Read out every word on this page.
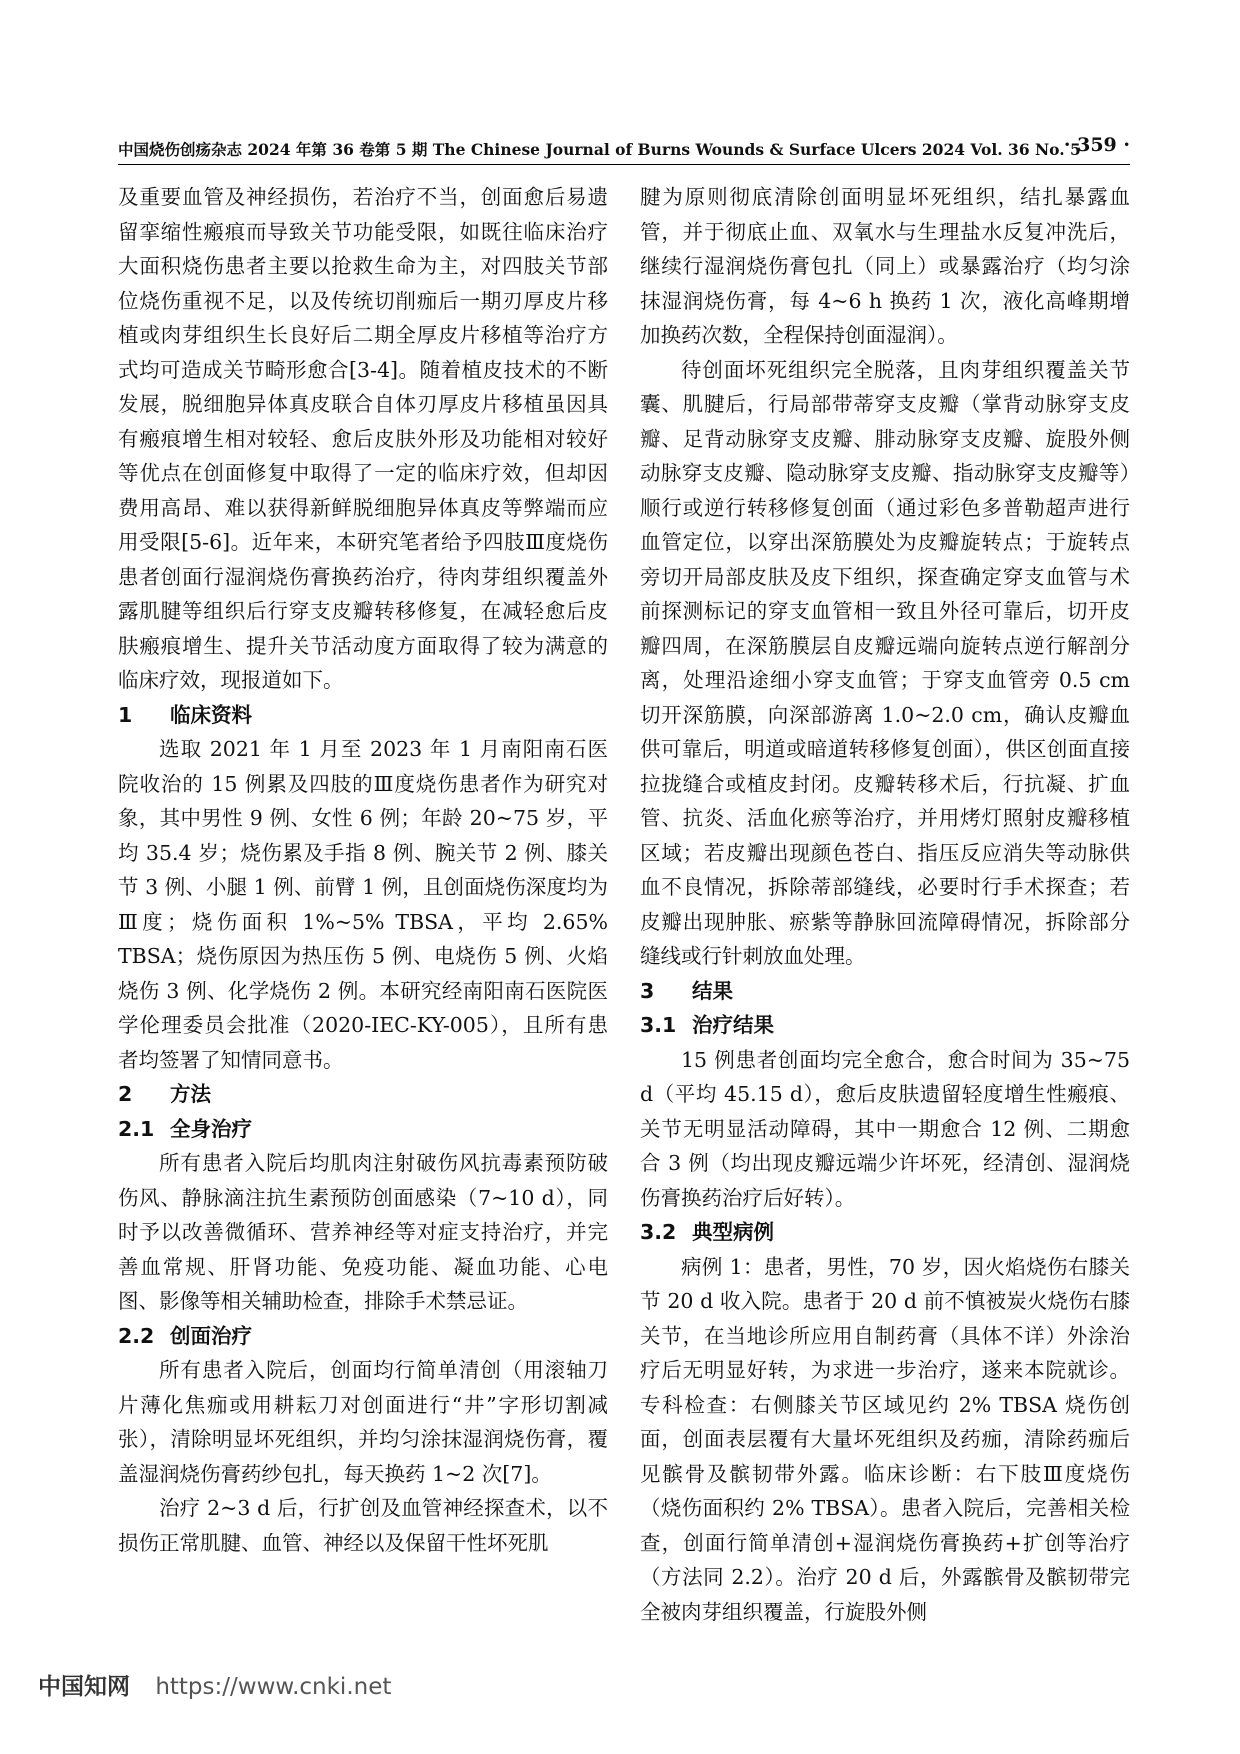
中国烧伤创疡杂志 2024 年第 36 卷第 5 期 The Chinese Journal of Burns Wounds & Surface Ulcers 2024 Vol. 36 No. 5
· 359 ·

及重要血管及神经损伤，若治疗不当，创面愈后易遗留挛缩性瘢痕而导致关节功能受限，如既往临床治疗大面积烧伤患者主要以抢救生命为主，对四肢关节部位烧伤重视不足，以及传统切削痂后一期刃厚皮片移植或肉芽组织生长良好后二期全厚皮片移植等治疗方式均可造成关节畸形愈合[3-4]。随着植皮技术的不断发展，脱细胞异体真皮联合自体刃厚皮片移植虽因具有瘢痕增生相对较轻、愈后皮肤外形及功能相对较好等优点在创面修复中取得了一定的临床疗效，但却因费用高昂、难以获得新鲜脱细胞异体真皮等弊端而应用受限[5-6]。近年来，本研究笔者给予四肢Ⅲ度烧伤患者创面行湿润烧伤膏换药治疗，待肉芽组织覆盖外露肌腱等组织后行穿支皮瓣转移修复，在减轻愈后皮肤瘢痕增生、提升关节活动度方面取得了较为满意的临床疗效，现报道如下。

1 临床资料

选取 2021 年 1 月至 2023 年 1 月南阳南石医院收治的 15 例累及四肢的Ⅲ度烧伤患者作为研究对象，其中男性 9 例、女性 6 例；年龄 20~75 岁，平均 35.4 岁；烧伤累及手指 8 例、腕关节 2 例、膝关节 3 例、小腿 1 例、前臂 1 例，且创面烧伤深度均为Ⅲ度；烧伤面积 1%~5% TBSA，平均 2.65% TBSA；烧伤原因为热压伤 5 例、电烧伤 5 例、火焰烧伤 3 例、化学烧伤 2 例。本研究经南阳南石医院医学伦理委员会批准（2020-IEC-KY-005），且所有患者均签署了知情同意书。

2 方法
2.1 全身治疗

所有患者入院后均肌肉注射破伤风抗毒素预防破伤风、静脉滴注抗生素预防创面感染（7~10 d），同时予以改善微循环、营养神经等对症支持治疗，并完善血常规、肝肾功能、免疫功能、凝血功能、心电图、影像等相关辅助检查，排除手术禁忌证。

2.2 创面治疗

所有患者入院后，创面均行简单清创（用滚轴刀片薄化焦痂或用耕耘刀对创面进行“井”字形切割减张），清除明显坏死组织，并均匀涂抹湿润烧伤膏，覆盖湿润烧伤膏药纱包扎，每天换药 1~2 次[7]。

治疗 2~3 d 后，行扩创及血管神经探查术，以不损伤正常肌腱、血管、神经以及保留干性坏死肌

腱为原则彻底清除创面明显坏死组织，结扎暴露血管，并于彻底止血、双氧水与生理盐水反复冲洗后，继续行湿润烧伤膏包扎（同上）或暴露治疗（均匀涂抹湿润烧伤膏，每 4~6 h 换药 1 次，液化高峰期增加换药次数，全程保持创面湿润）。

待创面坏死组织完全脱落，且肉芽组织覆盖关节囊、肌腱后，行局部带蒂穿支皮瓣（掌背动脉穿支皮瓣、足背动脉穿支皮瓣、腓动脉穿支皮瓣、旋股外侧动脉穿支皮瓣、隐动脉穿支皮瓣、指动脉穿支皮瓣等）顺行或逆行转移修复创面（通过彩色多普勒超声进行血管定位，以穿出深筋膜处为皮瓣旋转点；于旋转点旁切开局部皮肤及皮下组织，探查确定穿支血管与术前探测标记的穿支血管相一致且外径可靠后，切开皮瓣四周，在深筋膜层自皮瓣远端向旋转点逆行解剖分离，处理沿途细小穿支血管；于穿支血管旁 0.5 cm 切开深筋膜，向深部游离 1.0~2.0 cm，确认皮瓣血供可靠后，明道或暗道转移修复创面），供区创面直接拉拢缝合或植皮封闭。皮瓣转移术后，行抗凝、扩血管、抗炎、活血化瘀等治疗，并用烤灯照射皮瓣移植区域；若皮瓣出现颜色苍白、指压反应消失等动脉供血不良情况，拆除蒂部缝线，必要时行手术探查；若皮瓣出现肿胀、瘀紫等静脉回流障碍情况，拆除部分缝线或行针刺放血处理。

3 结果
3.1 治疗结果

15 例患者创面均完全愈合，愈合时间为 35~75 d（平均 45.15 d），愈后皮肤遗留轻度增生性瘢痕、关节无明显活动障碍，其中一期愈合 12 例、二期愈合 3 例（均出现皮瓣远端少许坏死，经清创、湿润烧伤膏换药治疗后好转）。

3.2 典型病例

病例 1：患者，男性，70 岁，因火焰烧伤右膝关节 20 d 收入院。患者于 20 d 前不慎被炭火烧伤右膝关节，在当地诊所应用自制药膏（具体不详）外涂治疗后无明显好转，为求进一步治疗，遂来本院就诊。专科检查：右侧膝关节区域见约 2% TBSA 烧伤创面，创面表层覆有大量坏死组织及药痂，清除药痂后见髌骨及髌韧带外露。临床诊断：右下肢Ⅲ度烧伤（烧伤面积约 2% TBSA）。患者入院后，完善相关检查，创面行简单清创+湿润烧伤膏换药+扩创等治疗（方法同 2.2）。治疗 20 d 后，外露髌骨及髌韧带完全被肉芽组织覆盖，行旋股外侧

中国知网 https://www.cnki.net
